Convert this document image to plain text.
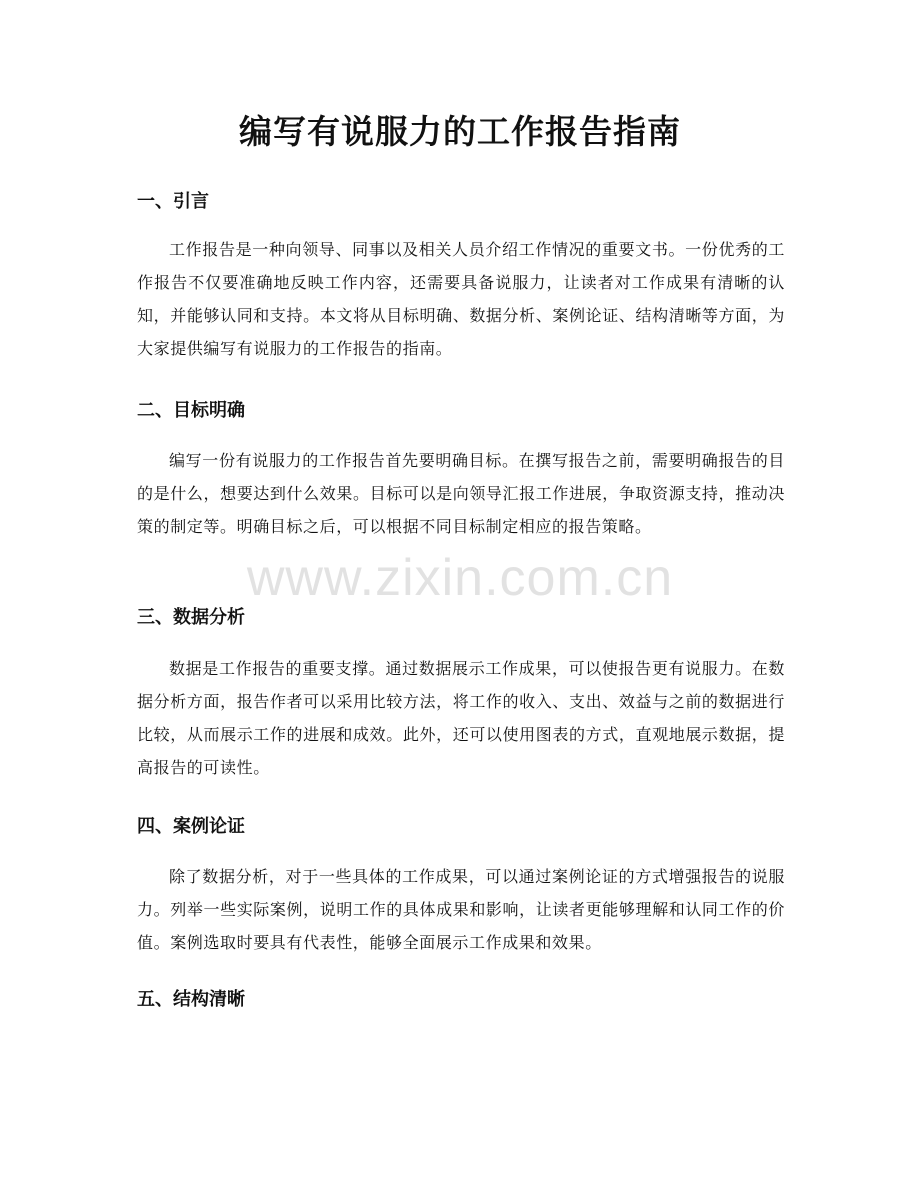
编写有说服力的工作报告指南
一、引言

工作报告是一种向领导、同事以及相关人员介绍工作情况的重要文书。一份优秀的工作报告不仅要准确地反映工作内容，还需要具备说服力，让读者对工作成果有清晰的认知，并能够认同和支持。本文将从目标明确、数据分析、案例论证、结构清晰等方面，为大家提供编写有说服力的工作报告的指南。

二、目标明确

编写一份有说服力的工作报告首先要明确目标。在撰写报告之前，需要明确报告的目的是什么，想要达到什么效果。目标可以是向领导汇报工作进展，争取资源支持，推动决策的制定等。明确目标之后，可以根据不同目标制定相应的报告策略。

三、数据分析

数据是工作报告的重要支撑。通过数据展示工作成果，可以使报告更有说服力。在数据分析方面，报告作者可以采用比较方法，将工作的收入、支出、效益与之前的数据进行比较，从而展示工作的进展和成效。此外，还可以使用图表的方式，直观地展示数据，提高报告的可读性。

四、案例论证

除了数据分析，对于一些具体的工作成果，可以通过案例论证的方式增强报告的说服力。列举一些实际案例，说明工作的具体成果和影响，让读者更能够理解和认同工作的价值。案例选取时要具有代表性，能够全面展示工作成果和效果。

五、结构清晰
www.zixin.com.cn
